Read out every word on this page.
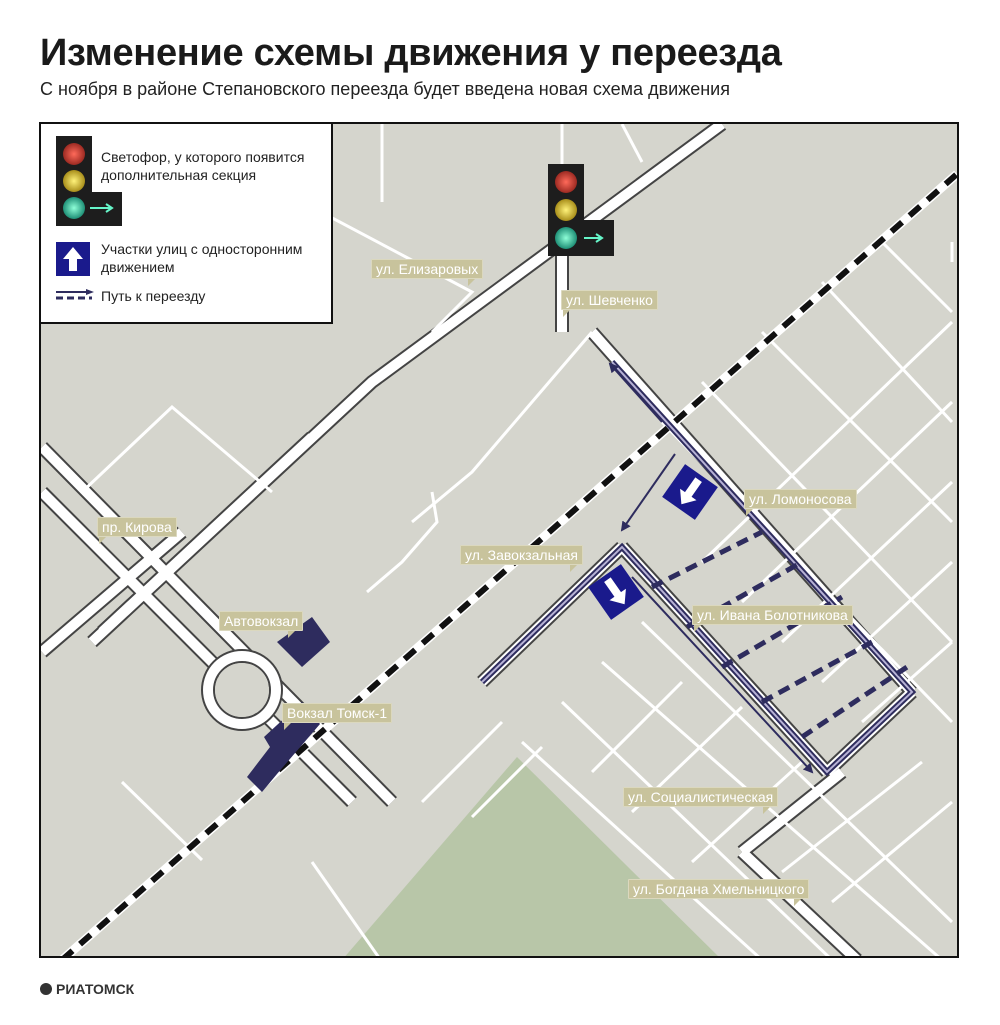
Изменение схемы движения у переезда

С ноября в районе Степановского переезда будет введена новая схема движения

Светофор, у которого появится дополнительная секция
Участки улиц с односторонним движением
Путь к переезду
ул. Елизаровых
ул. Шевченко
пр. Кирова
ул. Завокзальная
ул. Ломоносова
ул. Ивана Болотникова
ул. Социалистическая
ул. Богдана Хмельницкого
Автовокзал
Вокзал Томск-1
РИАТОМСК
